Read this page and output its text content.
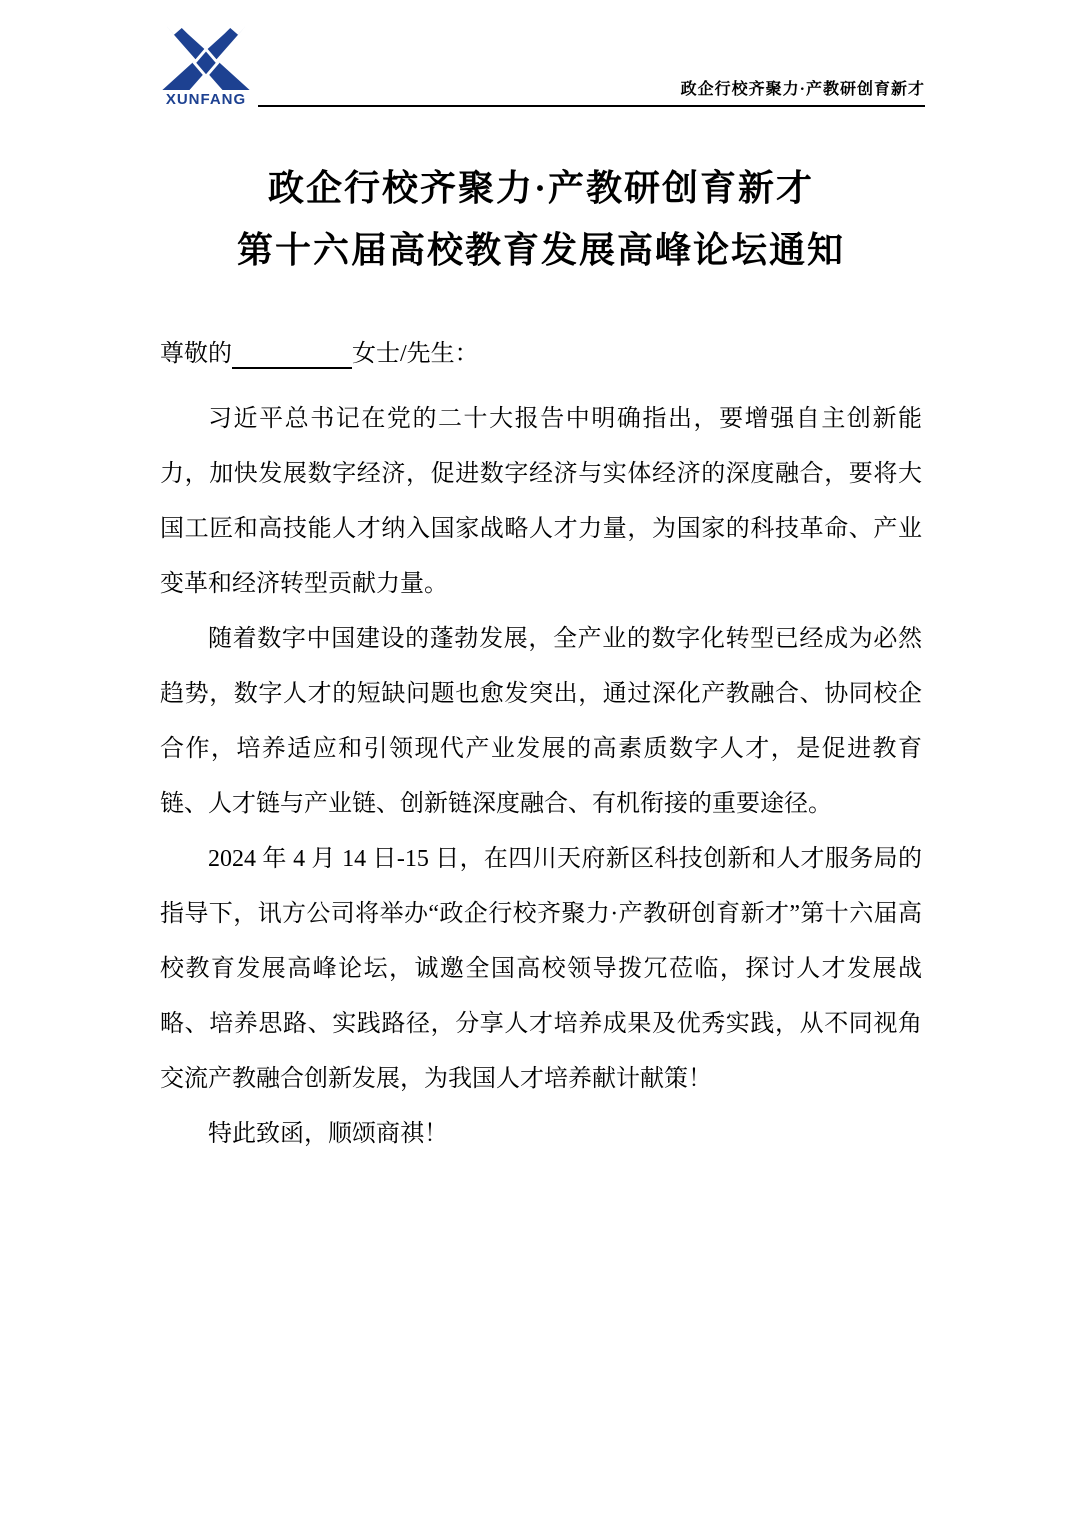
XUNFANG
政企行校齐聚力·产教研创育新才
政企行校齐聚力·产教研创育新才
第十六届高校教育发展高峰论坛通知

尊敬的	女士/先生：

习近平总书记在党的二十大报告中明确指出，要增强自主创新能力，加快发展数字经济，促进数字经济与实体经济的深度融合，要将大国工匠和高技能人才纳入国家战略人才力量，为国家的科技革命、产业变革和经济转型贡献力量。

随着数字中国建设的蓬勃发展，全产业的数字化转型已经成为必然趋势，数字人才的短缺问题也愈发突出，通过深化产教融合、协同校企合作，培养适应和引领现代产业发展的高素质数字人才，是促进教育链、人才链与产业链、创新链深度融合、有机衔接的重要途径。

2024 年 4 月 14 日-15 日，在四川天府新区科技创新和人才服务局的指导下，讯方公司将举办“政企行校齐聚力·产教研创育新才”第十六届高校教育发展高峰论坛，诚邀全国高校领导拨冗莅临，探讨人才发展战略、培养思路、实践路径，分享人才培养成果及优秀实践，从不同视角交流产教融合创新发展，为我国人才培养献计献策！

特此致函，顺颂商祺！
